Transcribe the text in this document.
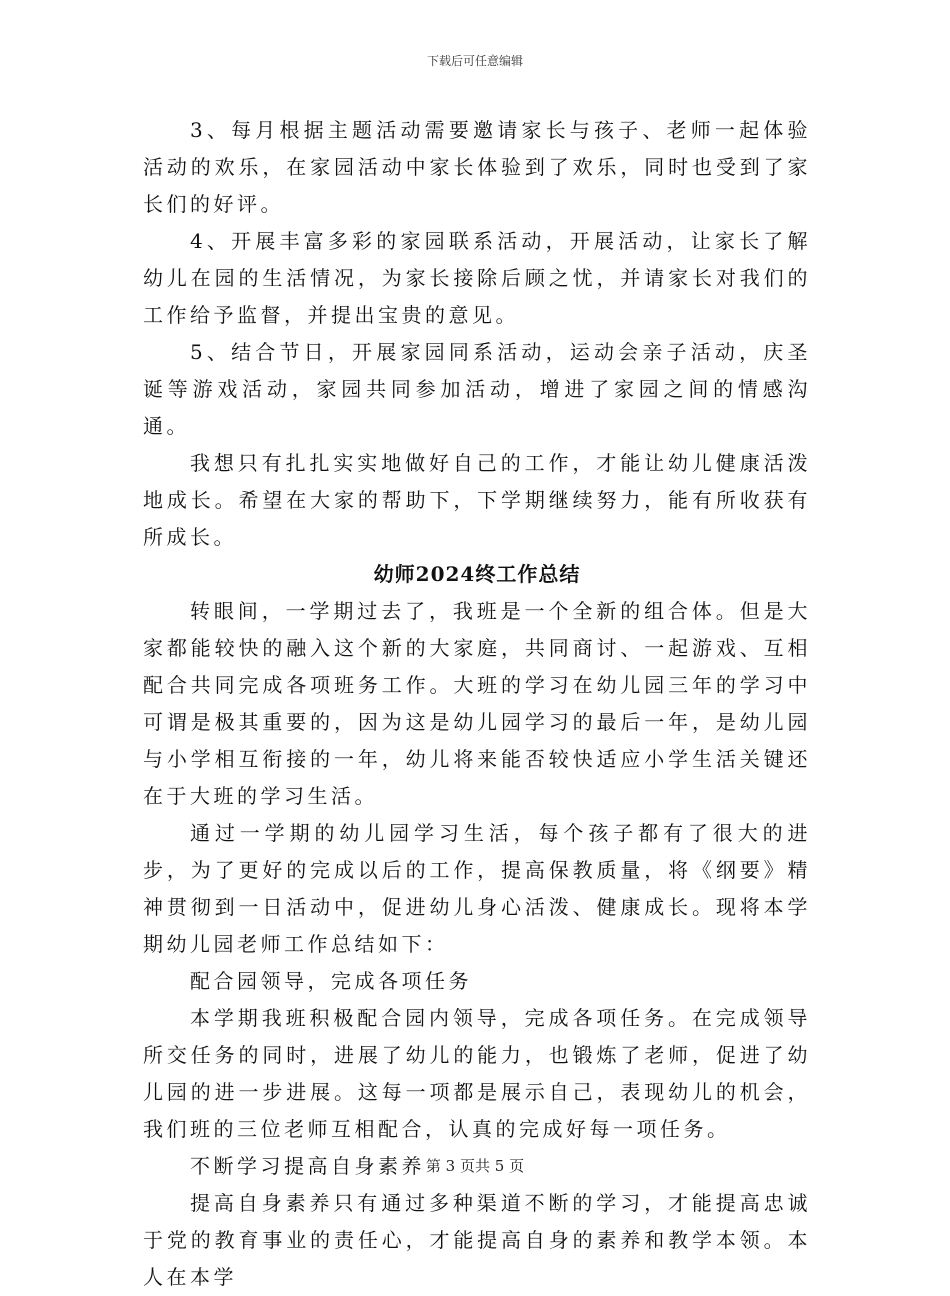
下载后可任意编辑

3、每月根据主题活动需要邀请家长与孩子、老师一起体验活动的欢乐，在家园活动中家长体验到了欢乐，同时也受到了家长们的好评。

4、开展丰富多彩的家园联系活动，开展活动，让家长了解幼儿在园的生活情况，为家长接除后顾之忧，并请家长对我们的工作给予监督，并提出宝贵的意见。

5、结合节日，开展家园同系活动，运动会亲子活动，庆圣诞等游戏活动，家园共同参加活动，增进了家园之间的情感沟通。

我想只有扎扎实实地做好自己的工作，才能让幼儿健康活泼地成长。希望在大家的帮助下，下学期继续努力，能有所收获有所成长。

幼师2024终工作总结

转眼间，一学期过去了，我班是一个全新的组合体。但是大家都能较快的融入这个新的大家庭，共同商讨、一起游戏、互相配合共同完成各项班务工作。大班的学习在幼儿园三年的学习中可谓是极其重要的，因为这是幼儿园学习的最后一年，是幼儿园与小学相互衔接的一年，幼儿将来能否较快适应小学生活关键还在于大班的学习生活。

通过一学期的幼儿园学习生活，每个孩子都有了很大的进步，为了更好的完成以后的工作，提高保教质量，将《纲要》精神贯彻到一日活动中，促进幼儿身心活泼、健康成长。现将本学期幼儿园老师工作总结如下：

配合园领导，完成各项任务

本学期我班积极配合园内领导，完成各项任务。在完成领导所交任务的同时，进展了幼儿的能力，也锻炼了老师，促进了幼儿园的进一步进展。这每一项都是展示自己，表现幼儿的机会，我们班的三位老师互相配合，认真的完成好每一项任务。

不断学习提高自身素养

提高自身素养只有通过多种渠道不断的学习，才能提高忠诚于党的教育事业的责任心，才能提高自身的素养和教学本领。本人在本学

第 3 页共 5 页
